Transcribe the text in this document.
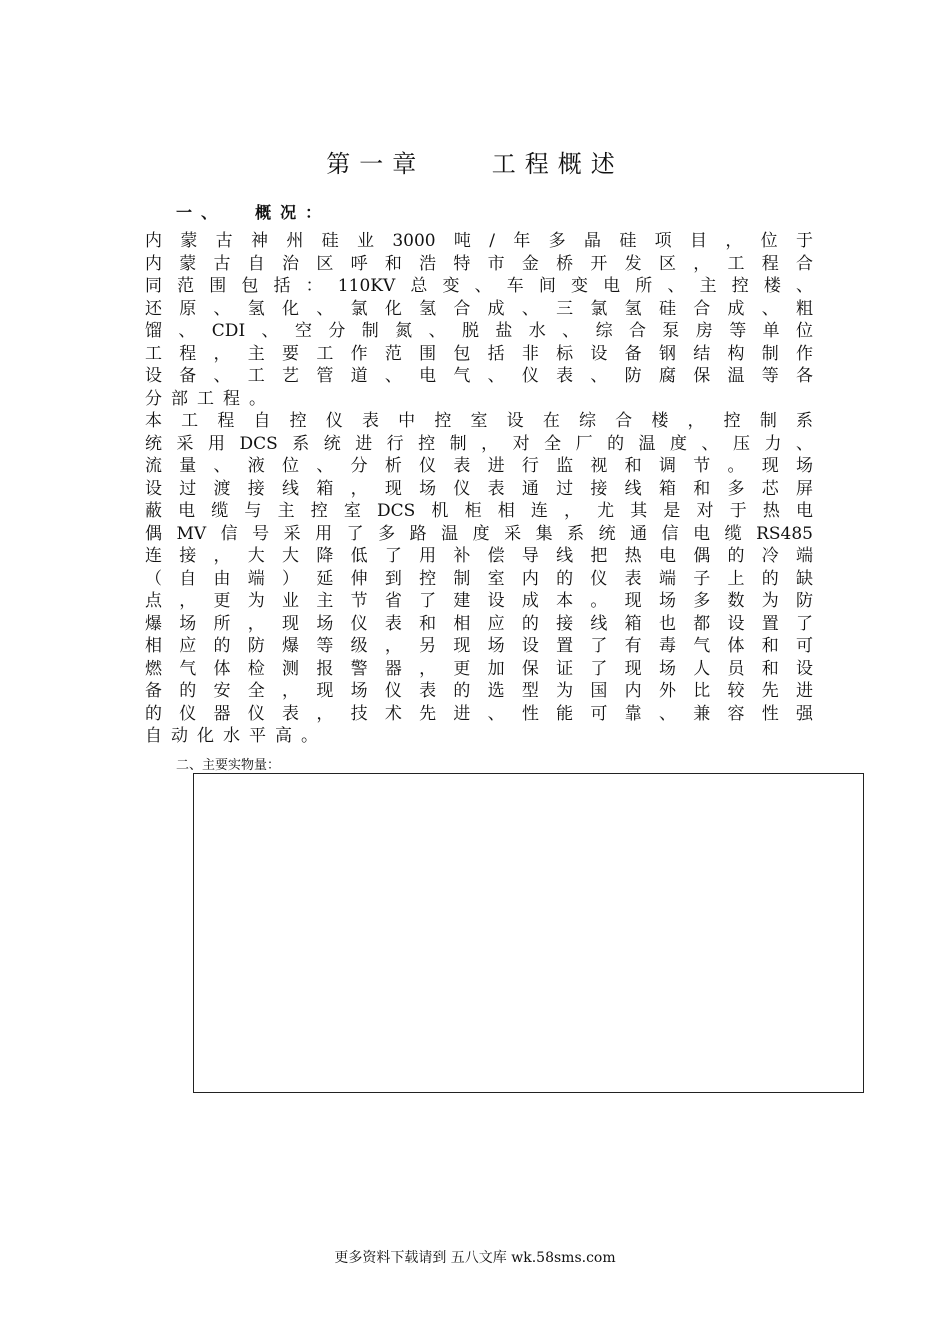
第一章    工程概述
一、  概况：
内蒙古神州硅业3000吨/年多晶硅项目，位于
内蒙古自治区呼和浩特市金桥开发区，工程合
同范围包括：110KV总变、车间变电所、主控楼、
还原、氢化、氯化氢合成、三氯氢硅合成、粗
馏、CDI、空分制氮、脱盐水、综合泵房等单位
工程，主要工作范围包括非标设备钢结构制作
设备、工艺管道、电气、仪表、防腐保温等各
分部工程。
本工程自控仪表中控室设在综合楼，控制系
统采用DCS系统进行控制，对全厂的温度、压力、
流量、液位、分析仪表进行监视和调节。现场
设过渡接线箱，现场仪表通过接线箱和多芯屏
蔽电缆与主控室DCS机柜相连，尤其是对于热电
偶MV信号采用了多路温度采集系统通信电缆RS485
连接，大大降低了用补偿导线把热电偶的冷端
（自由端）延伸到控制室内的仪表端子上的缺
点，更为业主节省了建设成本。现场多数为防
爆场所，现场仪表和相应的接线箱也都设置了
相应的防爆等级，另现场设置了有毒气体和可
燃气体检测报警器，更加保证了现场人员和设
备的安全，现场仪表的选型为国内外比较先进
的仪器仪表，技术先进、性能可靠、兼容性强
自动化水平高。
二、主要实物量：
更多资料下载请到 五八文库 wk.58sms.com
